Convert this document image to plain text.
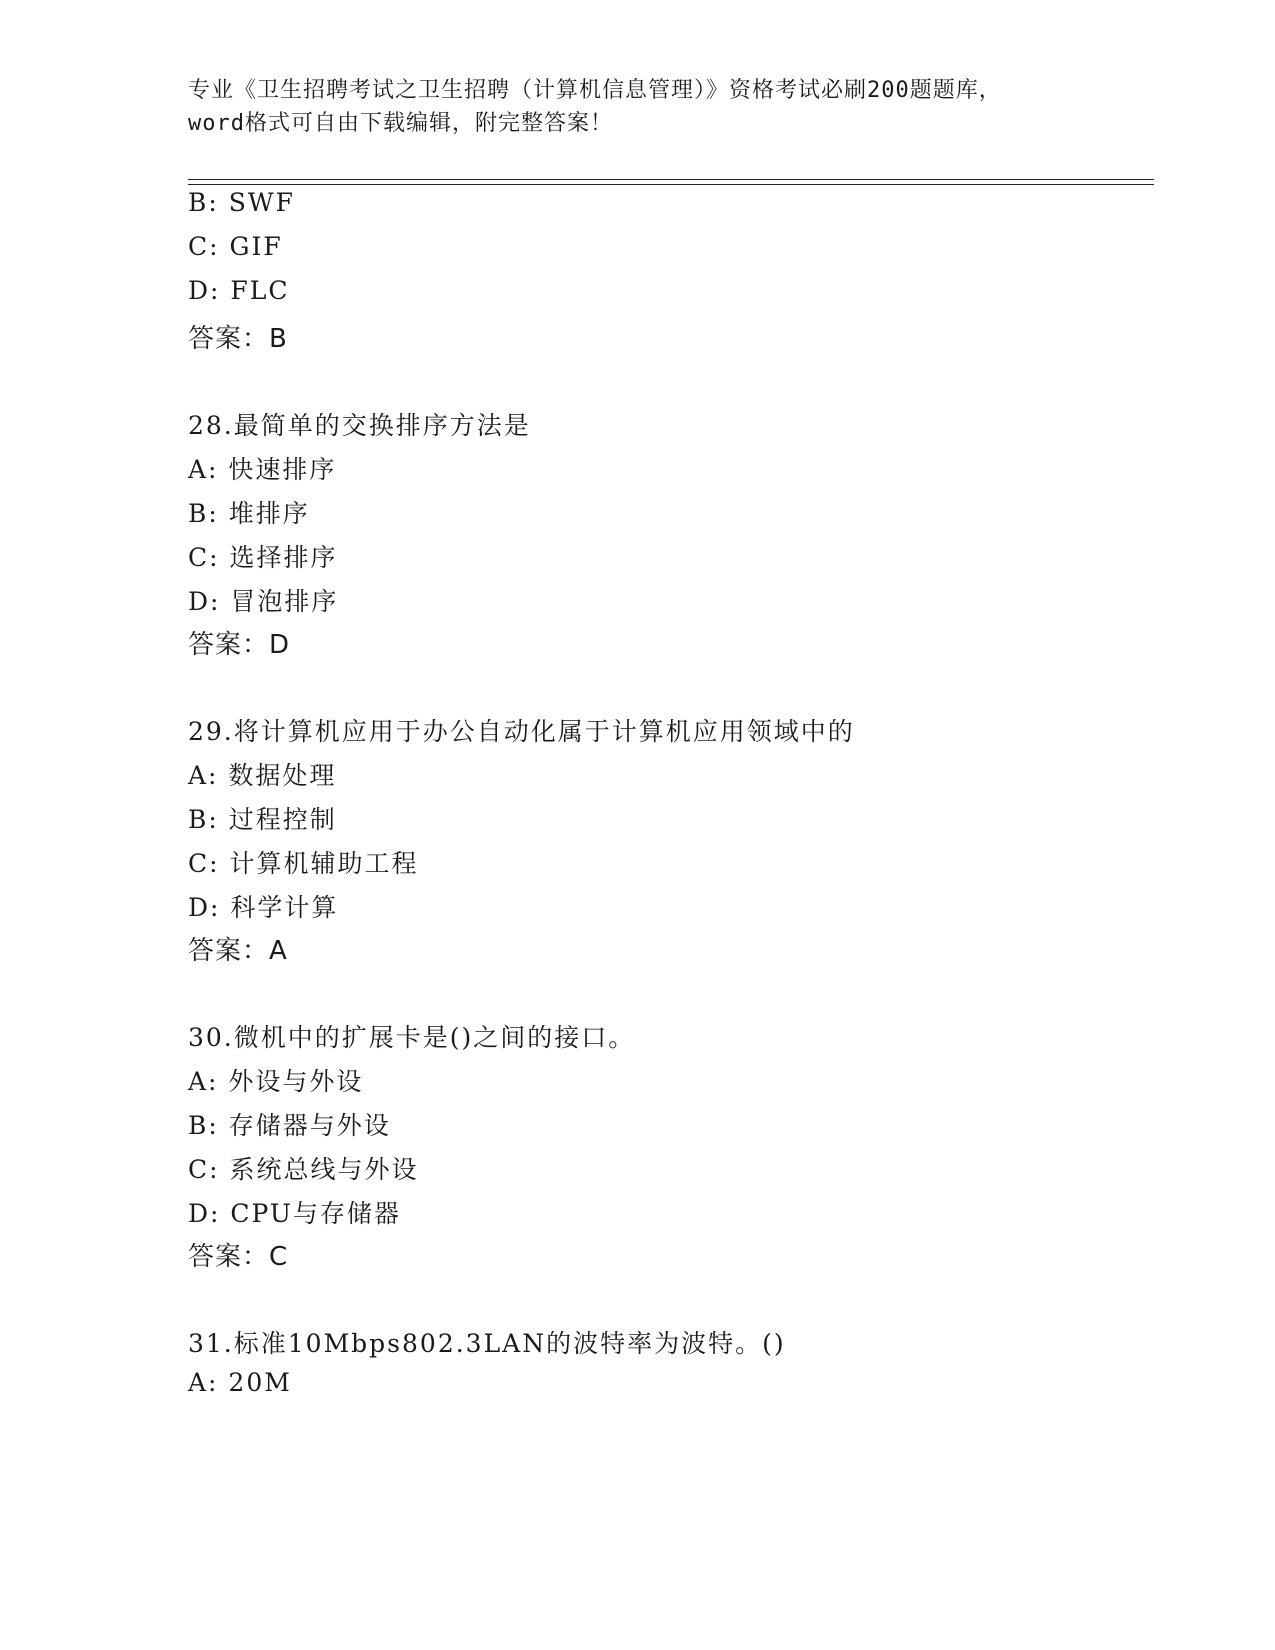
专业《卫生招聘考试之卫生招聘（计算机信息管理）》资格考试必刷200题题库，
word格式可自由下载编辑，附完整答案！
B: SWF
C: GIF
D: FLC
答案：B
28.最简单的交换排序方法是
A: 快速排序
B: 堆排序
C: 选择排序
D: 冒泡排序
答案：D
29.将计算机应用于办公自动化属于计算机应用领域中的
A: 数据处理
B: 过程控制
C: 计算机辅助工程
D: 科学计算
答案：A
30.微机中的扩展卡是()之间的接口。
A: 外设与外设
B: 存储器与外设
C: 系统总线与外设
D: CPU与存储器
答案：C
31.标准10Mbps802.3LAN的波特率为波特。()
A: 20M
